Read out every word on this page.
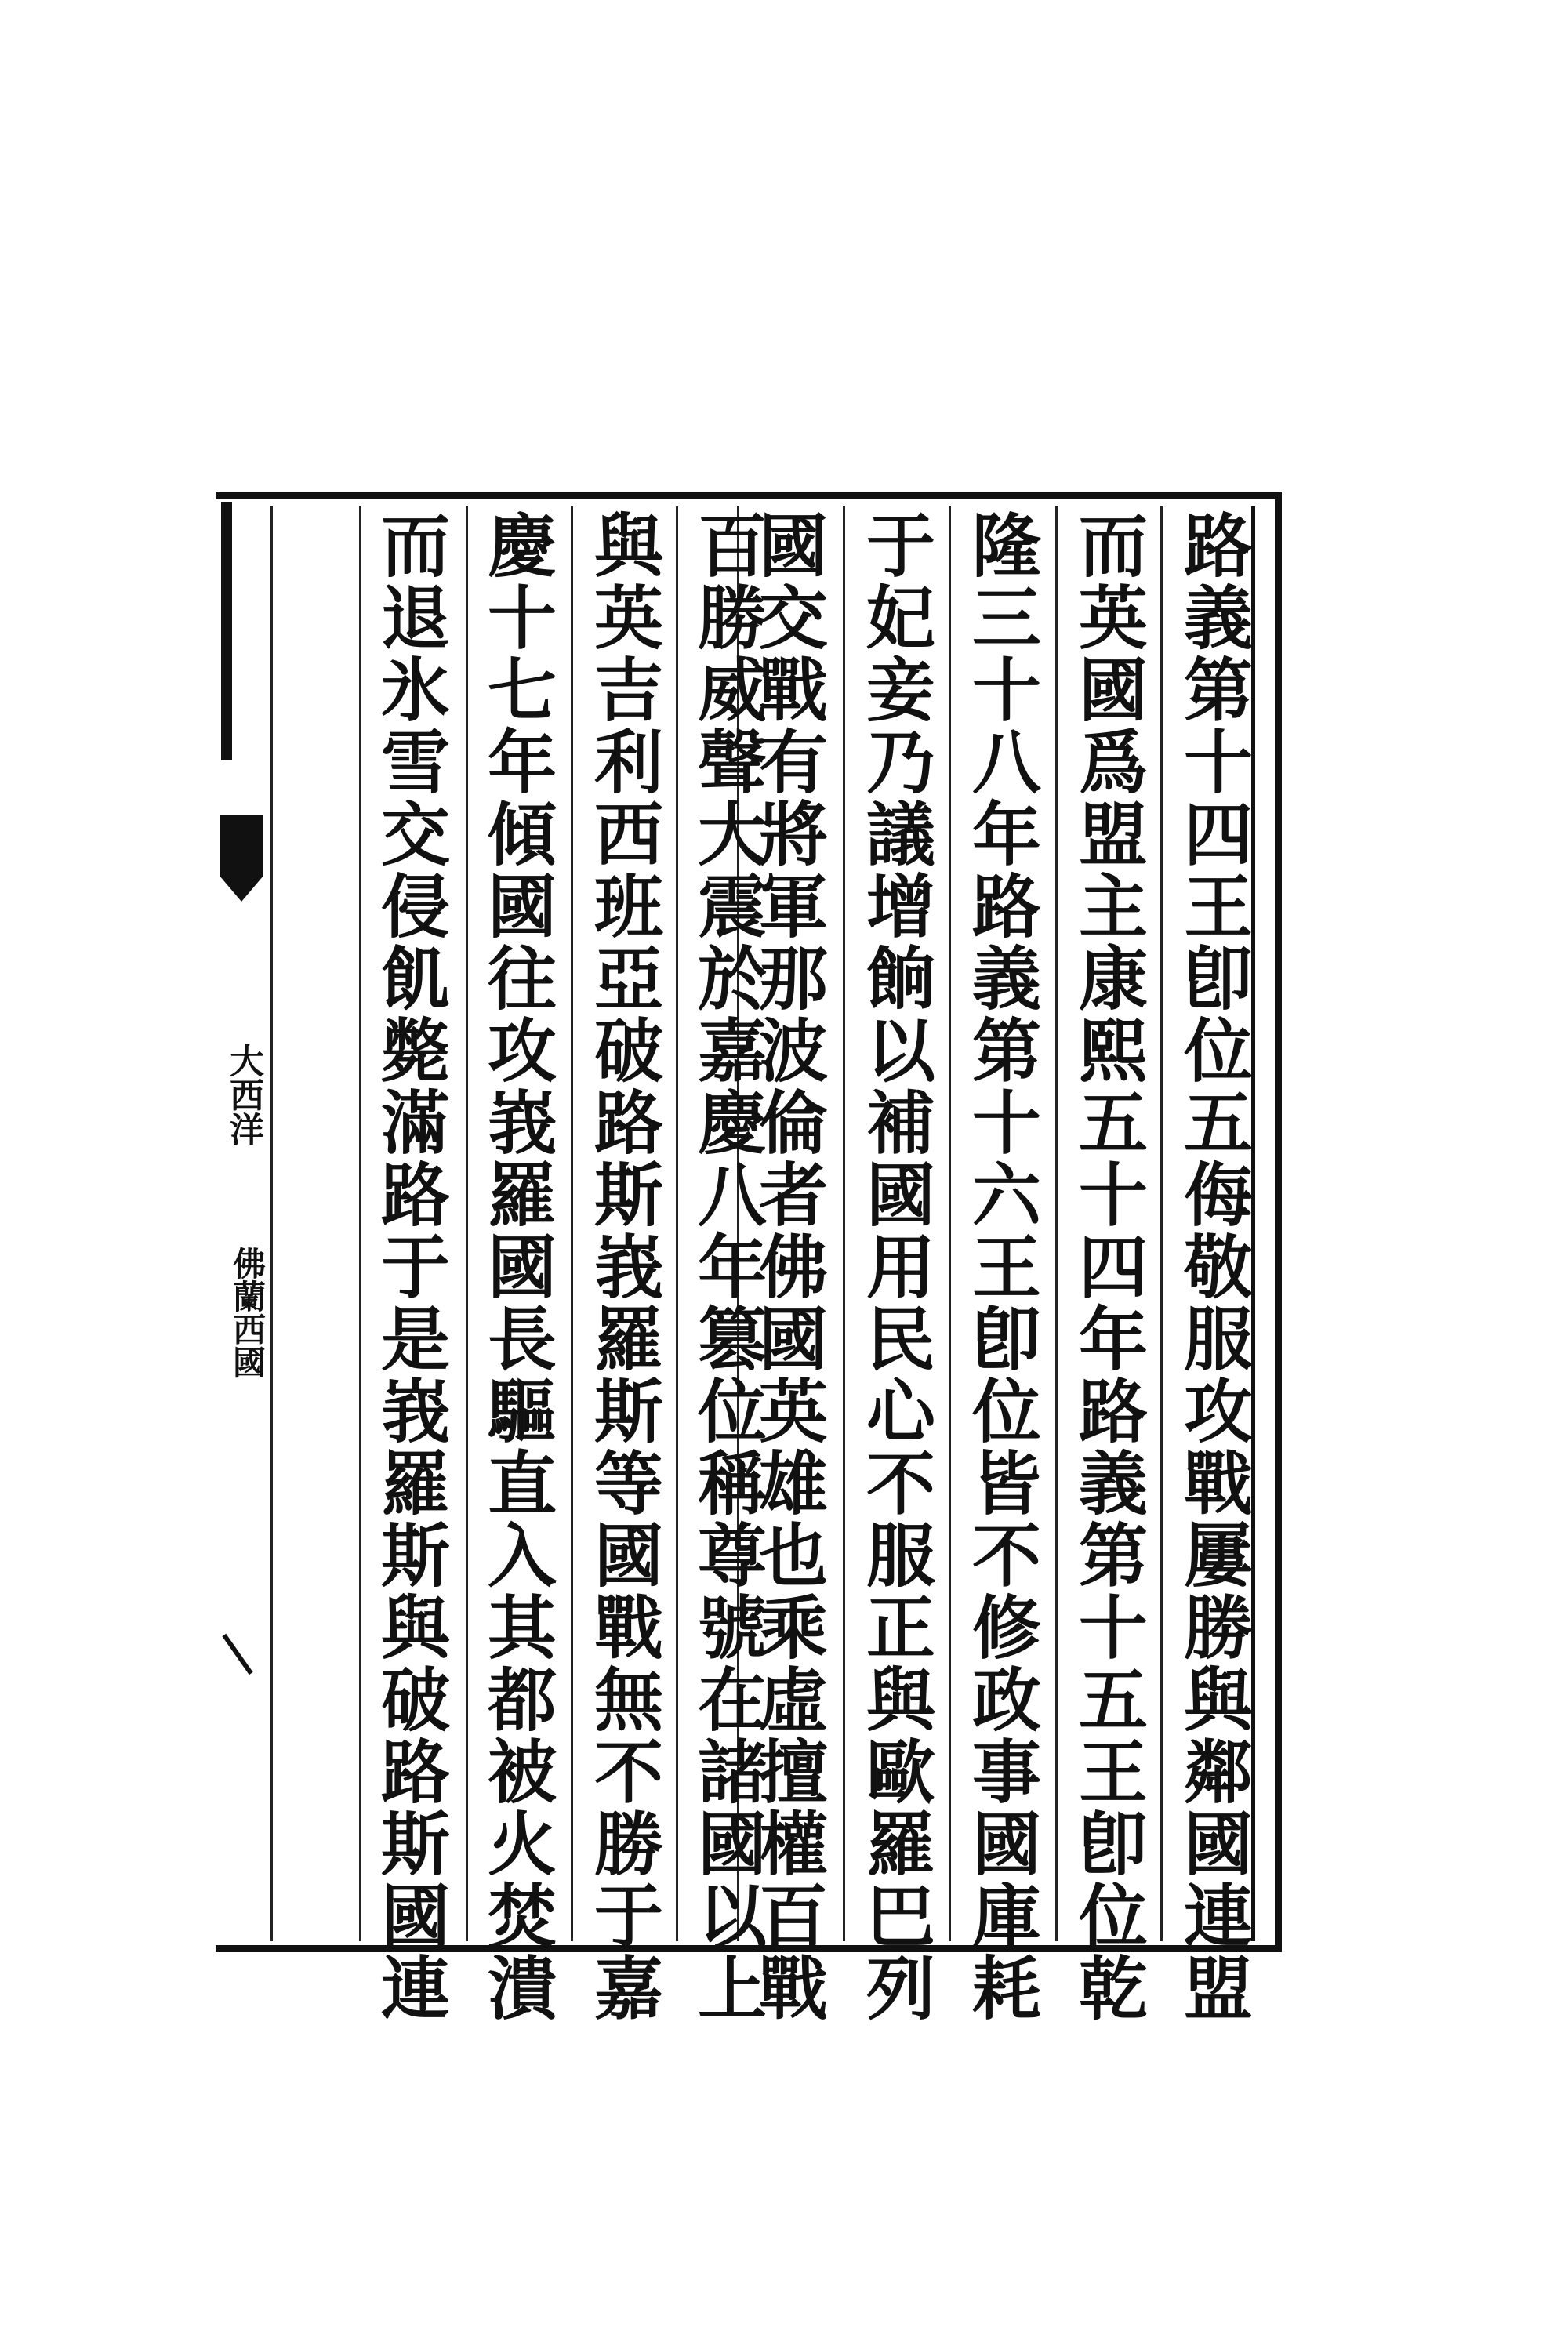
路義第十四王卽位五侮敬服攻戰屢勝與鄰國連盟
而英國爲盟主康熙五十四年路義第十五王卽位乾
隆三十八年路義第十六王卽位皆不修政事國庫耗
于妃妾乃議增餉以補國用民心不服正與歐羅巴列
國交戰有將軍那波倫者佛國英雄也乘虛擅權百戰
百勝威聲大震於嘉慶八年篡位稱尊號在諸國以上
與英吉利西班亞破路斯峩羅斯等國戰無不勝于嘉
慶十七年傾國往攻峩羅國長驅直入其都被火焚潰
而退氷雪交侵飢斃滿路于是峩羅斯與破路斯國連
大西洋
佛蘭西國
